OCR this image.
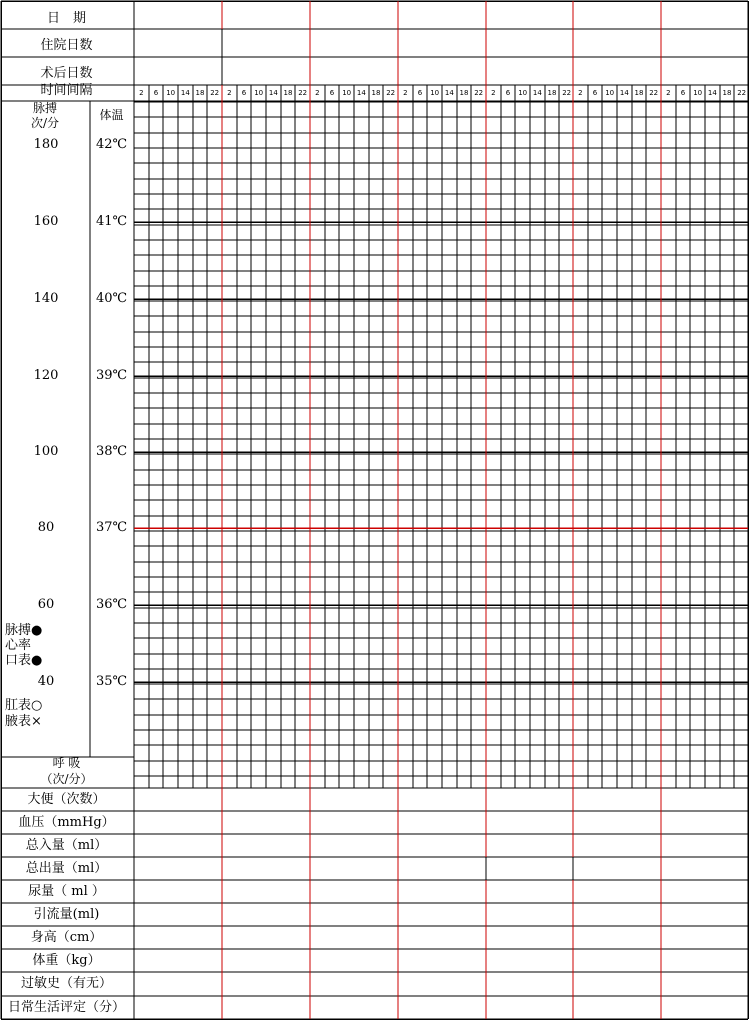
日　期
住院日数
术后日数
时间间隔
脉搏
次/分
体温
180	42℃
160	41℃
140	40℃
120	39℃
100	38℃
80	37℃
60	36℃
40	35℃
脉搏●
心率
口表●
肛表○
腋表×
呼 吸
（次/分）
2	6	10 14 18 22	2	6	10 14 18 22	2	6	10 14 18 22	2	6	10 14 18 22	2	6	10 14 18 22 2	6	10 14 18 22	2	6	10 14 18 22
大便（次数）
血压（mmHg）
总入量（ml）
总出量（ml）
尿量（ ml ）
引流量(ml)
身高（cm）
体重（kg）
过敏史（有无）
日常生活评定（分）
